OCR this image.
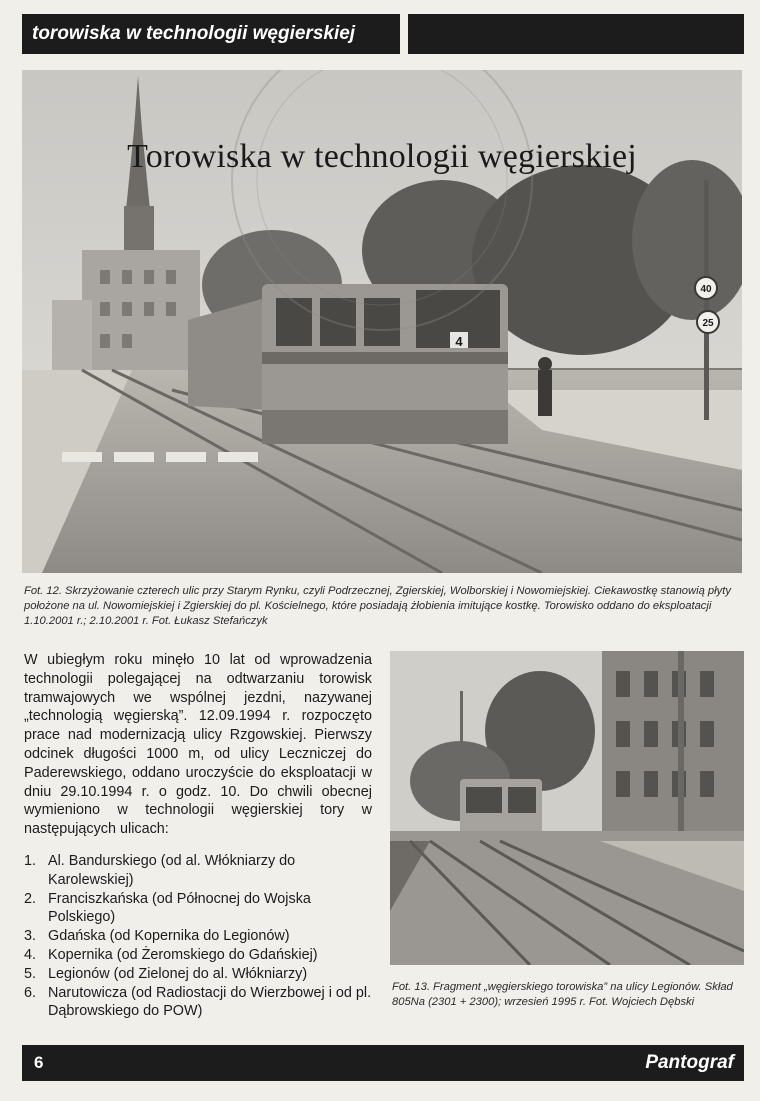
torowiska w technologii węgierskiej
4
40
25
Torowiska w technologii węgierskiej
Fot. 12. Skrzyżowanie czterech ulic przy Starym Rynku, czyli Podrzecznej, Zgierskiej, Wolborskiej i Nowomiejskiej. Ciekawostkę stanowią płyty położone na ul. Nowomiejskiej i Zgierskiej do pl. Kościelnego, które posiadają żłobienia imitujące kostkę. Torowisko oddano do eksploatacji 1.10.2001 r.; 2.10.2001 r. Fot. Łukasz Stefańczyk
W ubiegłym roku minęło 10 lat od wprowadzenia technologii polegającej na odtwarzaniu torowisk tramwajowych we wspólnej jezdni, nazywanej „technologią węgierską”. 12.09.1994 r. rozpoczęto prace nad modernizacją ulicy Rzgowskiej. Pierwszy odcinek długości 1000 m, od ulicy Leczniczej do Paderewskiego, oddano uroczyście do eksploatacji w dniu 29.10.1994 r. o godz. 10. Do chwili obecnej wymieniono w technologii węgierskiej tory w następujących ulicach:
1. Al. Bandurskiego (od al. Włókniarzy do Karolewskiej)
2. Franciszkańska (od Północnej do Wojska Polskiego)
3. Gdańska (od Kopernika do Legionów)
4. Kopernika (od Żeromskiego do Gdańskiej)
5. Legionów (od Zielonej do al. Włókniarzy)
6. Narutowicza (od Radiostacji do Wierzbowej i od pl. Dąbrowskiego do POW)
Fot. 13. Fragment „węgierskiego torowiska” na ulicy Legionów. Skład 805Na (2301 + 2300); wrzesień 1995 r. Fot. Wojciech Dębski
6	Pantograf
